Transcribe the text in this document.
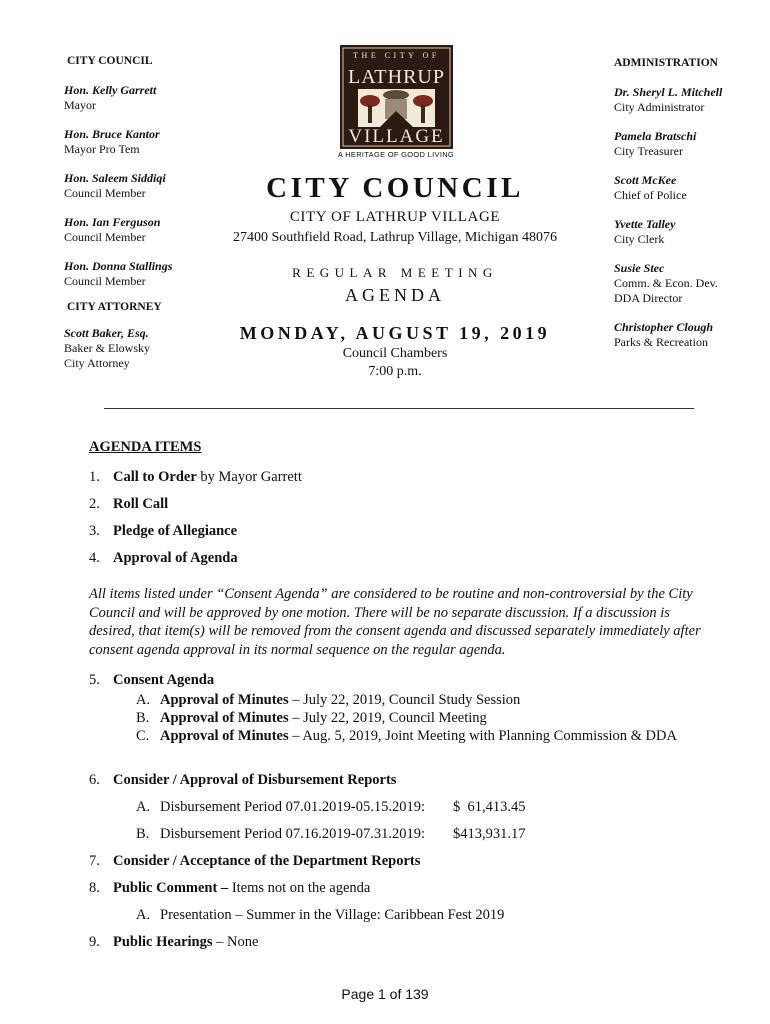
CITY COUNCIL
Hon. Kelly Garrett
Mayor
Hon. Bruce Kantor
Mayor Pro Tem
Hon. Saleem Siddiqi
Council Member
Hon. Ian Ferguson
Council Member
Hon. Donna Stallings
Council Member
CITY ATTORNEY
Scott Baker, Esq.
Baker & Elowsky
City Attorney
ADMINISTRATION
Dr. Sheryl L. Mitchell
City Administrator
Pamela Bratschi
City Treasurer
Scott McKee
Chief of Police
Yvette Talley
City Clerk
Susie Stec
Comm. & Econ. Dev.
DDA Director
Christopher Clough
Parks & Recreation
THE CITY OF
LATHRUP
VILLAGE
A HERITAGE OF GOOD LIVING
CITY COUNCIL
CITY OF LATHRUP VILLAGE
27400 Southfield Road, Lathrup Village, Michigan 48076
REGULAR MEETING
AGENDA
MONDAY, AUGUST 19, 2019
Council Chambers
7:00 p.m.
AGENDA ITEMS
1. Call to Order by Mayor Garrett
2. Roll Call
3. Pledge of Allegiance
4. Approval of Agenda
All items listed under “Consent Agenda” are considered to be routine and non-controversial by the City Council and will be approved by one motion. There will be no separate discussion. If a discussion is desired, that item(s) will be removed from the consent agenda and discussed separately immediately after consent agenda approval in its normal sequence on the regular agenda.
5. Consent Agenda
A. Approval of Minutes – July 22, 2019, Council Study Session
B. Approval of Minutes – July 22, 2019, Council Meeting
C. Approval of Minutes – Aug. 5, 2019, Joint Meeting with Planning Commission & DDA
6. Consider / Approval of Disbursement Reports
A. Disbursement Period 07.01.2019-05.15.2019:	$  61,413.45
B. Disbursement Period 07.16.2019-07.31.2019:	$413,931.17
7. Consider / Acceptance of the Department Reports
8. Public Comment – Items not on the agenda
A. Presentation – Summer in the Village: Caribbean Fest 2019
9. Public Hearings – None
Page 1 of 139
